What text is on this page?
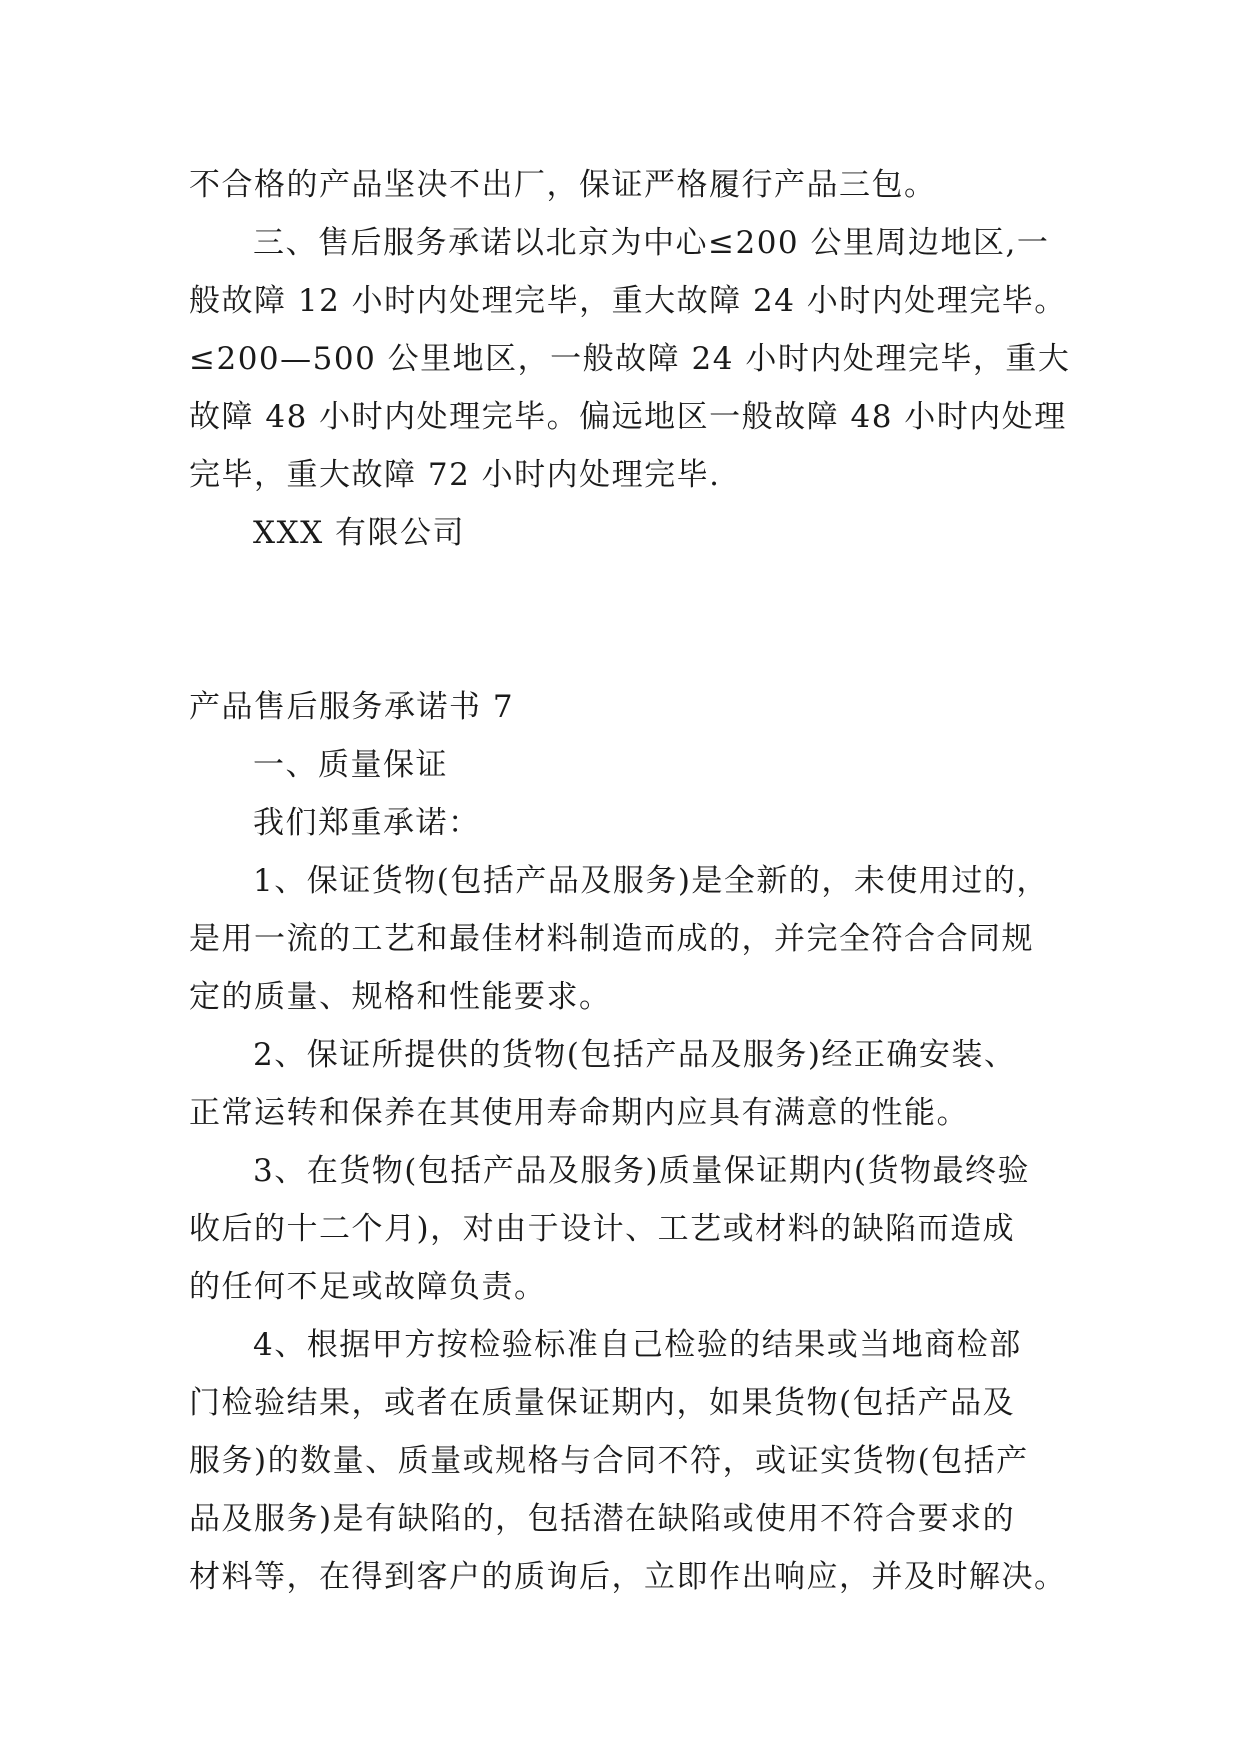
不合格的产品坚决不出厂，保证严格履行产品三包。
三、售后服务承诺以北京为中心≤200 公里周边地区,一
般故障 12 小时内处理完毕，重大故障 24 小时内处理完毕。
≤200—500 公里地区，一般故障 24 小时内处理完毕，重大
故障 48 小时内处理完毕。偏远地区一般故障 48 小时内处理
完毕，重大故障 72 小时内处理完毕.
XXX 有限公司
产品售后服务承诺书 7
一、质量保证
我们郑重承诺：
1、保证货物(包括产品及服务)是全新的，未使用过的，
是用一流的工艺和最佳材料制造而成的，并完全符合合同规
定的质量、规格和性能要求。
2、保证所提供的货物(包括产品及服务)经正确安装、
正常运转和保养在其使用寿命期内应具有满意的性能。
3、在货物(包括产品及服务)质量保证期内(货物最终验
收后的十二个月)，对由于设计、工艺或材料的缺陷而造成
的任何不足或故障负责。
4、根据甲方按检验标准自己检验的结果或当地商检部
门检验结果，或者在质量保证期内，如果货物(包括产品及
服务)的数量、质量或规格与合同不符，或证实货物(包括产
品及服务)是有缺陷的，包括潜在缺陷或使用不符合要求的
材料等，在得到客户的质询后，立即作出响应，并及时解决。
